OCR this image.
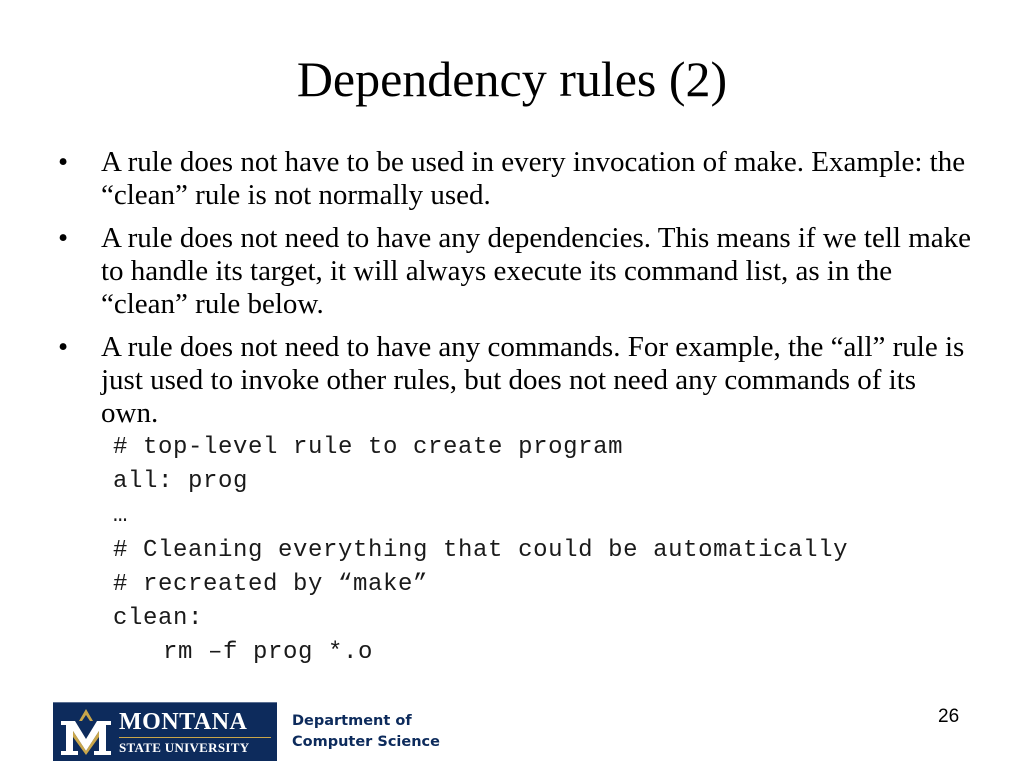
Dependency rules (2)
• A rule does not have to be used in every invocation of make. Example: the “clean” rule is not normally used.
• A rule does not need to have any dependencies. This means if we tell make to handle its target, it will always execute its command list, as in the “clean” rule below.
• A rule does not need to have any commands. For example, the “all” rule is just used to invoke other rules, but does not need any commands of its own.
# top-level rule to create program
all: prog
…
# Cleaning everything that could be automatically
# recreated by “make”
clean:
rm –f prog *.o
MONTANA
STATE UNIVERSITY
Department of
Computer Science
26
